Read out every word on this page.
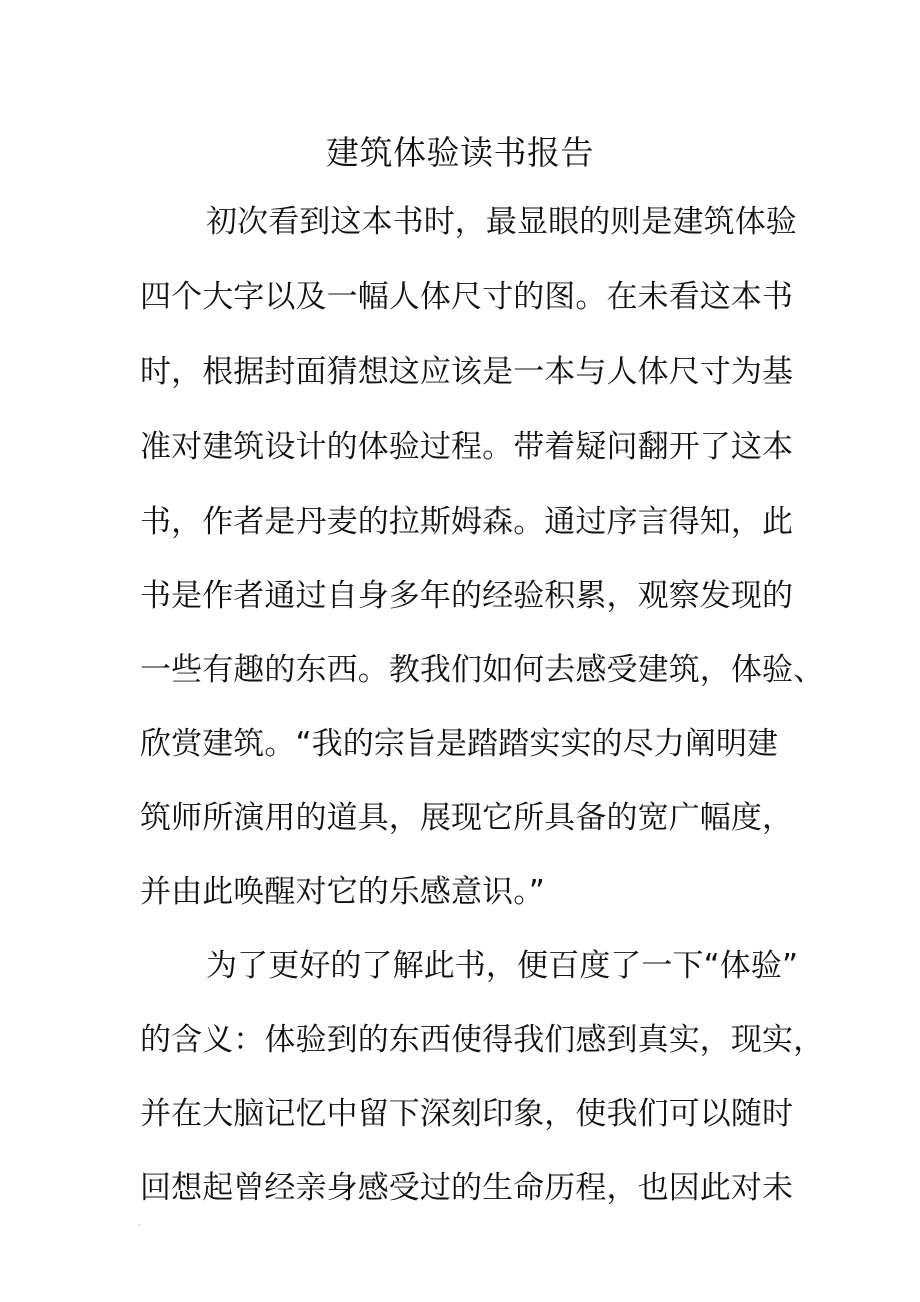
建筑体验读书报告
初次看到这本书时，最显眼的则是建筑体验
四个大字以及一幅人体尺寸的图。在未看这本书
时，根据封面猜想这应该是一本与人体尺寸为基
准对建筑设计的体验过程。带着疑问翻开了这本
书，作者是丹麦的拉斯姆森。通过序言得知，此
书是作者通过自身多年的经验积累，观察发现的
一些有趣的东西。教我们如何去感受建筑，体验、
欣赏建筑。“我的宗旨是踏踏实实的尽力阐明建
筑师所演用的道具，展现它所具备的宽广幅度，
并由此唤醒对它的乐感意识。”
为了更好的了解此书，便百度了一下“体验”
的含义：体验到的东西使得我们感到真实，现实，
并在大脑记忆中留下深刻印象，使我们可以随时
回想起曾经亲身感受过的生命历程，也因此对未
